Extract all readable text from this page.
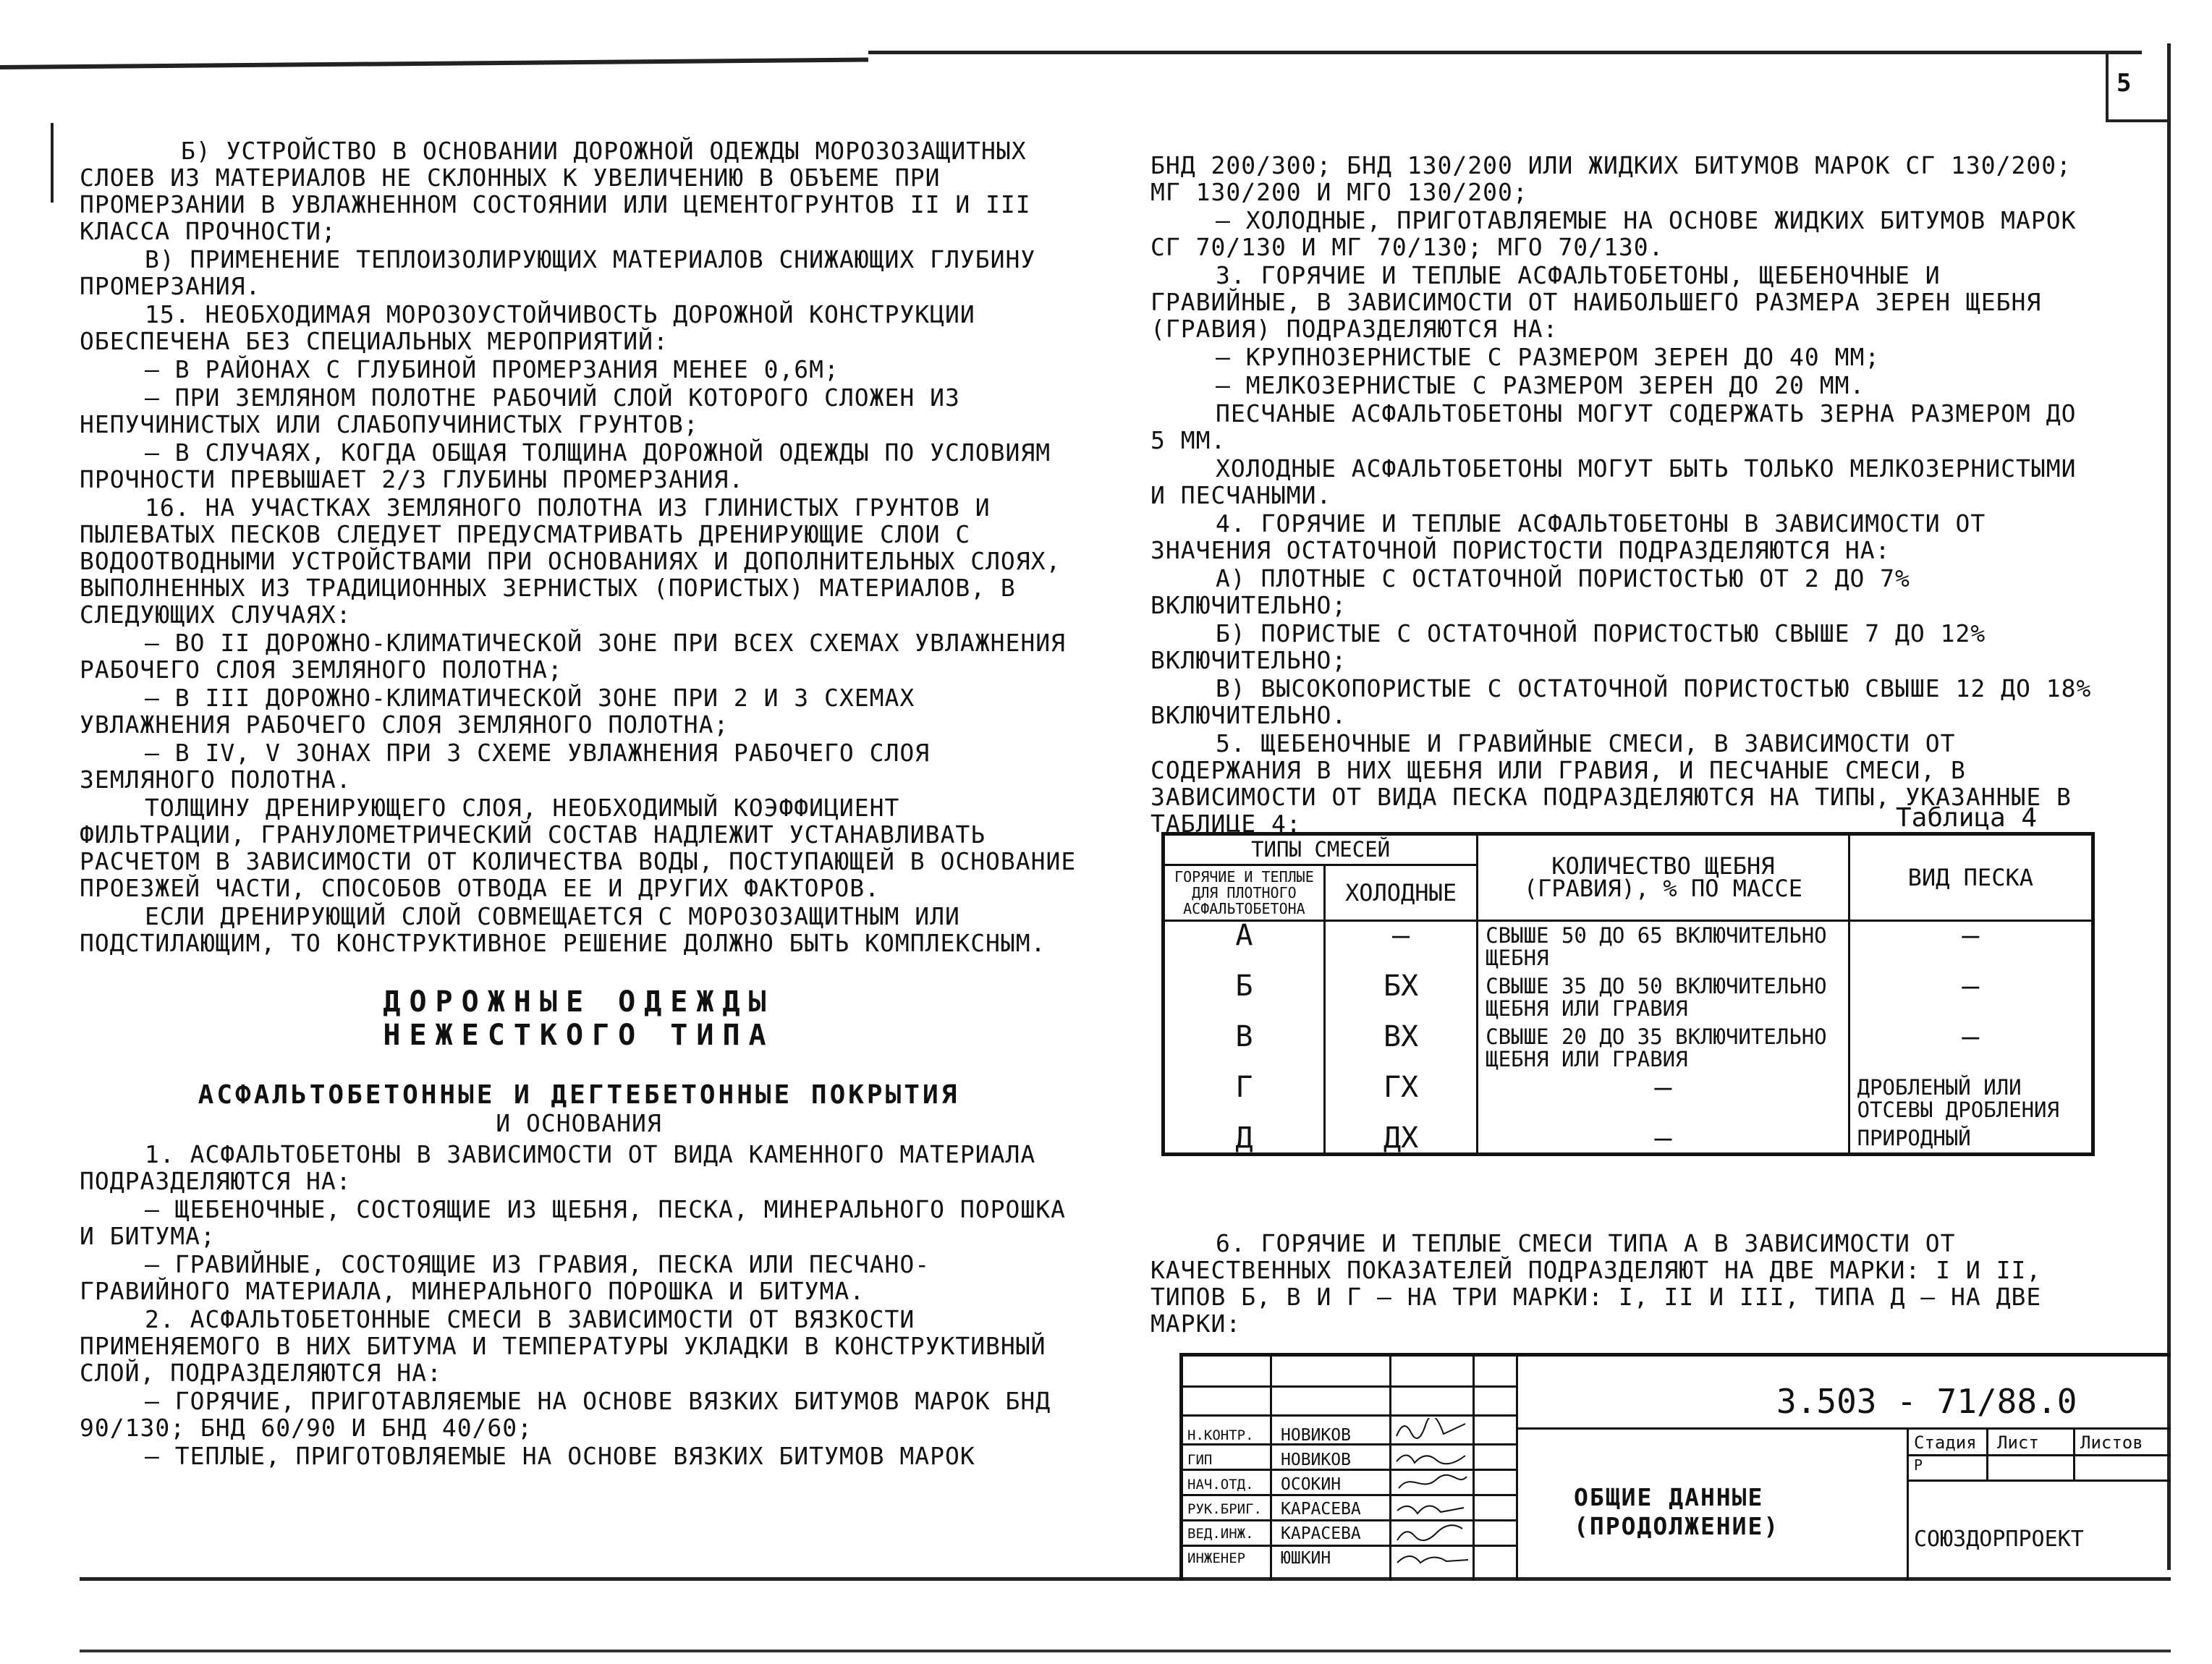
5

Б) УСТРОЙСТВО В ОСНОВАНИИ ДОРОЖНОЙ ОДЕЖДЫ МОРОЗОЗАЩИТНЫХ СЛОЕВ ИЗ МАТЕРИАЛОВ НЕ СКЛОННЫХ К УВЕЛИЧЕНИЮ В ОБЪЕМЕ ПРИ ПРОМЕРЗАНИИ В УВЛАЖНЕННОМ СОСТОЯНИИ ИЛИ ЦЕМЕНТОГРУНТОВ II И III КЛАССА ПРОЧНОСТИ;

В) ПРИМЕНЕНИЕ ТЕПЛОИЗОЛИРУЮЩИХ МАТЕРИАЛОВ СНИЖАЮЩИХ ГЛУБИНУ ПРОМЕРЗАНИЯ.

15. НЕОБХОДИМАЯ МОРОЗОУСТОЙЧИВОСТЬ ДОРОЖНОЙ КОНСТРУКЦИИ ОБЕСПЕЧЕНА БЕЗ СПЕЦИАЛЬНЫХ МЕРОПРИЯТИЙ:

— В РАЙОНАХ С ГЛУБИНОЙ ПРОМЕРЗАНИЯ МЕНЕЕ 0,6М;

— ПРИ ЗЕМЛЯНОМ ПОЛОТНЕ РАБОЧИЙ СЛОЙ КОТОРОГО СЛОЖЕН ИЗ НЕПУЧИНИСТЫХ ИЛИ СЛАБОПУЧИНИСТЫХ ГРУНТОВ;

— В СЛУЧАЯХ, КОГДА ОБЩАЯ ТОЛЩИНА ДОРОЖНОЙ ОДЕЖДЫ ПО УСЛОВИЯМ ПРОЧНОСТИ ПРЕВЫШАЕТ 2/3 ГЛУБИНЫ ПРОМЕРЗАНИЯ.

16. НА УЧАСТКАХ ЗЕМЛЯНОГО ПОЛОТНА ИЗ ГЛИНИСТЫХ ГРУНТОВ И ПЫЛЕВАТЫХ ПЕСКОВ СЛЕДУЕТ ПРЕДУСМАТРИВАТЬ ДРЕНИРУЮЩИЕ СЛОИ С ВОДООТВОДНЫМИ УСТРОЙСТВАМИ ПРИ ОСНОВАНИЯХ И ДОПОЛНИТЕЛЬНЫХ СЛОЯХ, ВЫПОЛНЕННЫХ ИЗ ТРАДИЦИОННЫХ ЗЕРНИСТЫХ (ПОРИСТЫХ) МАТЕРИАЛОВ, В СЛЕДУЮЩИХ СЛУЧАЯХ:

— ВО II ДОРОЖНО-КЛИМАТИЧЕСКОЙ ЗОНЕ ПРИ ВСЕХ СХЕМАХ УВЛАЖНЕНИЯ РАБОЧЕГО СЛОЯ ЗЕМЛЯНОГО ПОЛОТНА;

— В III ДОРОЖНО-КЛИМАТИЧЕСКОЙ ЗОНЕ ПРИ 2 И 3 СХЕМАХ УВЛАЖНЕНИЯ РАБОЧЕГО СЛОЯ ЗЕМЛЯНОГО ПОЛОТНА;

— В IV, V ЗОНАХ ПРИ 3 СХЕМЕ УВЛАЖНЕНИЯ РАБОЧЕГО СЛОЯ ЗЕМЛЯНОГО ПОЛОТНА.

ТОЛЩИНУ ДРЕНИРУЮЩЕГО СЛОЯ, НЕОБХОДИМЫЙ КОЭФФИЦИЕНТ ФИЛЬТРАЦИИ, ГРАНУЛОМЕТРИЧЕСКИЙ СОСТАВ НАДЛЕЖИТ УСТАНАВЛИВАТЬ РАСЧЕТОМ В ЗАВИСИМОСТИ ОТ КОЛИЧЕСТВА ВОДЫ, ПОСТУПАЮЩЕЙ В ОСНОВАНИЕ ПРОЕЗЖЕЙ ЧАСТИ, СПОСОБОВ ОТВОДА ЕЕ И ДРУГИХ ФАКТОРОВ.

ЕСЛИ ДРЕНИРУЮЩИЙ СЛОЙ СОВМЕЩАЕТСЯ С МОРОЗОЗАЩИТНЫМ ИЛИ ПОДСТИЛАЮЩИМ, ТО КОНСТРУКТИВНОЕ РЕШЕНИЕ ДОЛЖНО БЫТЬ КОМПЛЕКСНЫМ.

ДОРОЖНЫЕ ОДЕЖДЫ
НЕЖЕСТКОГО ТИПА
АСФАЛЬТОБЕТОННЫЕ И ДЕГТЕБЕТОННЫЕ ПОКРЫТИЯ
И ОСНОВАНИЯ

1. АСФАЛЬТОБЕТОНЫ В ЗАВИСИМОСТИ ОТ ВИДА КАМЕННОГО МАТЕРИАЛА ПОДРАЗДЕЛЯЮТСЯ НА:

— ЩЕБЕНОЧНЫЕ, СОСТОЯЩИЕ ИЗ ЩЕБНЯ, ПЕСКА, МИНЕРАЛЬНОГО ПОРОШКА И БИТУМА;

— ГРАВИЙНЫЕ, СОСТОЯЩИЕ ИЗ ГРАВИЯ, ПЕСКА ИЛИ ПЕСЧАНО-ГРАВИЙНОГО МАТЕРИАЛА, МИНЕРАЛЬНОГО ПОРОШКА И БИТУМА.

2. АСФАЛЬТОБЕТОННЫЕ СМЕСИ В ЗАВИСИМОСТИ ОТ ВЯЗКОСТИ ПРИМЕНЯЕМОГО В НИХ БИТУМА И ТЕМПЕРАТУРЫ УКЛАДКИ В КОНСТРУКТИВНЫЙ СЛОЙ, ПОДРАЗДЕЛЯЮТСЯ НА:

— ГОРЯЧИЕ, ПРИГОТАВЛЯЕМЫЕ НА ОСНОВЕ ВЯЗКИХ БИТУМОВ МАРОК БНД 90/130; БНД 60/90 И БНД 40/60;

— ТЕПЛЫЕ, ПРИГОТОВЛЯЕМЫЕ НА ОСНОВЕ ВЯЗКИХ БИТУМОВ МАРОК

БНД 200/300; БНД 130/200 ИЛИ ЖИДКИХ БИТУМОВ МАРОК СГ 130/200; МГ 130/200 И МГО 130/200;

— ХОЛОДНЫЕ, ПРИГОТАВЛЯЕМЫЕ НА ОСНОВЕ ЖИДКИХ БИТУМОВ МАРОК СГ 70/130 И МГ 70/130; МГО 70/130.

3. ГОРЯЧИЕ И ТЕПЛЫЕ АСФАЛЬТОБЕТОНЫ, ЩЕБЕНОЧНЫЕ И ГРАВИЙНЫЕ, В ЗАВИСИМОСТИ ОТ НАИБОЛЬШЕГО РАЗМЕРА ЗЕРЕН ЩЕБНЯ (ГРАВИЯ) ПОДРАЗДЕЛЯЮТСЯ НА:

— КРУПНОЗЕРНИСТЫЕ С РАЗМЕРОМ ЗЕРЕН ДО 40 ММ;

— МЕЛКОЗЕРНИСТЫЕ С РАЗМЕРОМ ЗЕРЕН ДО 20 ММ.

ПЕСЧАНЫЕ АСФАЛЬТОБЕТОНЫ МОГУТ СОДЕРЖАТЬ ЗЕРНА РАЗМЕРОМ ДО 5 ММ.

ХОЛОДНЫЕ АСФАЛЬТОБЕТОНЫ МОГУТ БЫТЬ ТОЛЬКО МЕЛКОЗЕРНИСТЫМИ И ПЕСЧАНЫМИ.

4. ГОРЯЧИЕ И ТЕПЛЫЕ АСФАЛЬТОБЕТОНЫ В ЗАВИСИМОСТИ ОТ ЗНАЧЕНИЯ ОСТАТОЧНОЙ ПОРИСТОСТИ ПОДРАЗДЕЛЯЮТСЯ НА:

А) ПЛОТНЫЕ С ОСТАТОЧНОЙ ПОРИСТОСТЬЮ ОТ 2 ДО 7% ВКЛЮЧИТЕЛЬНО;

Б) ПОРИСТЫЕ С ОСТАТОЧНОЙ ПОРИСТОСТЬЮ СВЫШЕ 7 ДО 12% ВКЛЮЧИТЕЛЬНО;

В) ВЫСОКОПОРИСТЫЕ С ОСТАТОЧНОЙ ПОРИСТОСТЬЮ СВЫШЕ 12 ДО 18% ВКЛЮЧИТЕЛЬНО.

5. ЩЕБЕНОЧНЫЕ И ГРАВИЙНЫЕ СМЕСИ, В ЗАВИСИМОСТИ ОТ СОДЕРЖАНИЯ В НИХ ЩЕБНЯ ИЛИ ГРАВИЯ, И ПЕСЧАНЫЕ СМЕСИ, В ЗАВИСИМОСТИ ОТ ВИДА ПЕСКА ПОДРАЗДЕЛЯЮТСЯ НА ТИПЫ, УКАЗАННЫЕ В ТАБЛИЦЕ 4:	Таблица 4
ТИПЫ СМЕСЕЙ		КОЛИЧЕСТВО ЩЕБНЯ (ГРАВИЯ), % ПО МАССЕ	ВИД ПЕСКА
ГОРЯЧИЕ И ТЕПЛЫЕ ДЛЯ ПЛОТНОГО АСФАЛЬТОБЕТОНА	ХОЛОДНЫЕ		
А	—	СВЫШЕ 50 ДО 65 ВКЛЮЧИТЕЛЬНО ЩЕБНЯ	—
Б	БХ	СВЫШЕ 35 ДО 50 ВКЛЮЧИТЕЛЬНО ЩЕБНЯ ИЛИ ГРАВИЯ	—
В	ВХ	СВЫШЕ 20 ДО 35 ВКЛЮЧИТЕЛЬНО ЩЕБНЯ ИЛИ ГРАВИЯ	—
Г	ГХ	—	ДРОБЛЕНЫЙ ИЛИ ОТСЕВЫ ДРОБЛЕНИЯ
Д	ДХ	—	ПРИРОДНЫЙ
6. ГОРЯЧИЕ И ТЕПЛЫЕ СМЕСИ ТИПА А В ЗАВИСИМОСТИ ОТ КАЧЕСТВЕННЫХ ПОКАЗАТЕЛЕЙ ПОДРАЗДЕЛЯЮТ НА ДВЕ МАРКИ: I И II, ТИПОВ Б, В И Г — НА ТРИ МАРКИ: I, II И III, ТИПА Д — НА ДВЕ МАРКИ:
Н.КОНТР.	НОВИКОВ
ГИП	НОВИКОВ
НАЧ.ОТД.	ОСОКИН
РУК.БРИГ.	КАРАСЕВА
ВЕД.ИНЖ.	КАРАСЕВА
ИНЖЕНЕР	ЮШКИН
3.503 - 71/88.0
ОБЩИЕ ДАННЫЕ
(ПРОДОЛЖЕНИЕ)
Стадия Лист Листов
Р
СОЮЗДОРПРОЕКТ
